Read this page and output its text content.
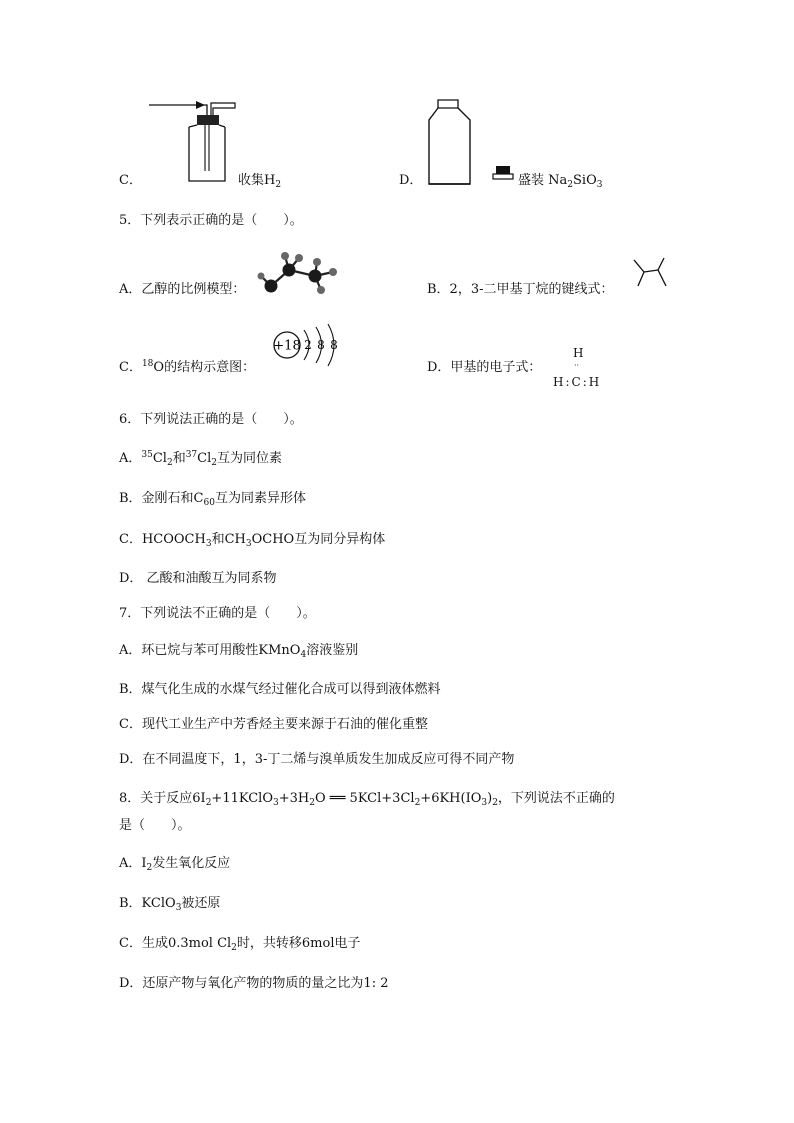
C．	收集$H_2$	D．	盛装 $Na_2SiO_3$
5．下列表示正确的是（　　）。
A．乙醇的比例模型：	B．2，3-二甲基丁烷的键线式：
C．$^{18}$O的结构示意图：
+18 2 8 8
D．甲基的电子式：
H
··
H:C:H
6．下列说法正确的是（　　）。
A．$^{35}Cl_2$和$^{37}Cl_2$互为同位素
B．金刚石和$C_{60}$互为同素异形体
C．$HCOOCH_3$和$CH_3OCHO$互为同分异构体
D． 乙酸和油酸互为同系物
7．下列说法不正确的是（　　）。
A．环已烷与苯可用酸性KMnO$_4$溶液鉴别
B．煤气化生成的水煤气经过催化合成可以得到液体燃料
C．现代工业生产中芳香烃主要来源于石油的催化重整
D．在不同温度下，1，3-丁二烯与溴单质发生加成反应可得不同产物
8．关于反应$6I_2+11KClO_3+3H_2O$ ══ $5KCl+3Cl_2+6KH(IO_3)_2$，下列说法不正确的
是（　　）。
A．$I_2$发生氧化反应
B．KClO$_3$被还原
C．生成0.3mol $Cl_2$时，共转移6mol电子
D．还原产物与氧化产物的物质的量之比为1: 2
